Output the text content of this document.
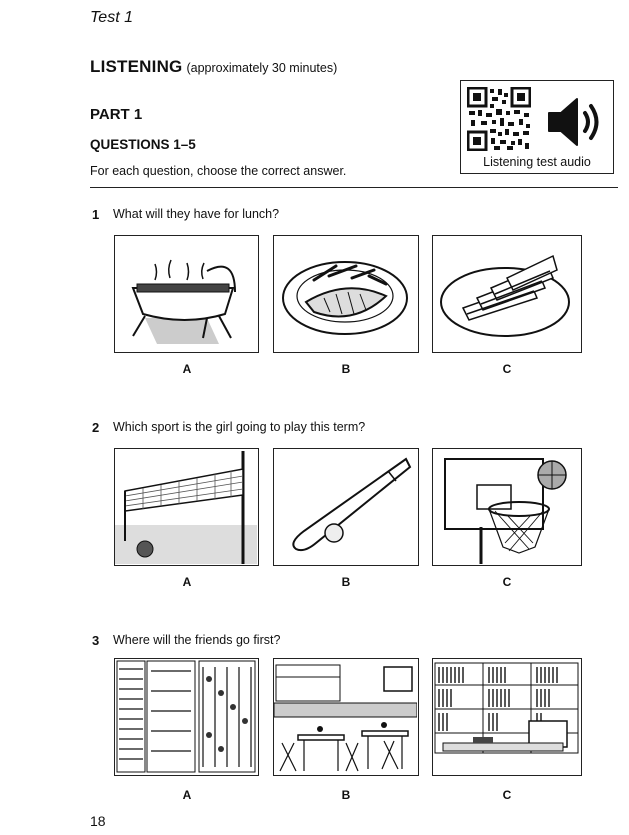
Test 1
LISTENING (approximately 30 minutes)
PART 1
QUESTIONS 1–5
For each question, choose the correct answer.
Listening test audio
1 What will they have for lunch?
A	B	C
2 Which sport is the girl going to play this term?
A	B	C
3 Where will the friends go first?
A	B	C
18
